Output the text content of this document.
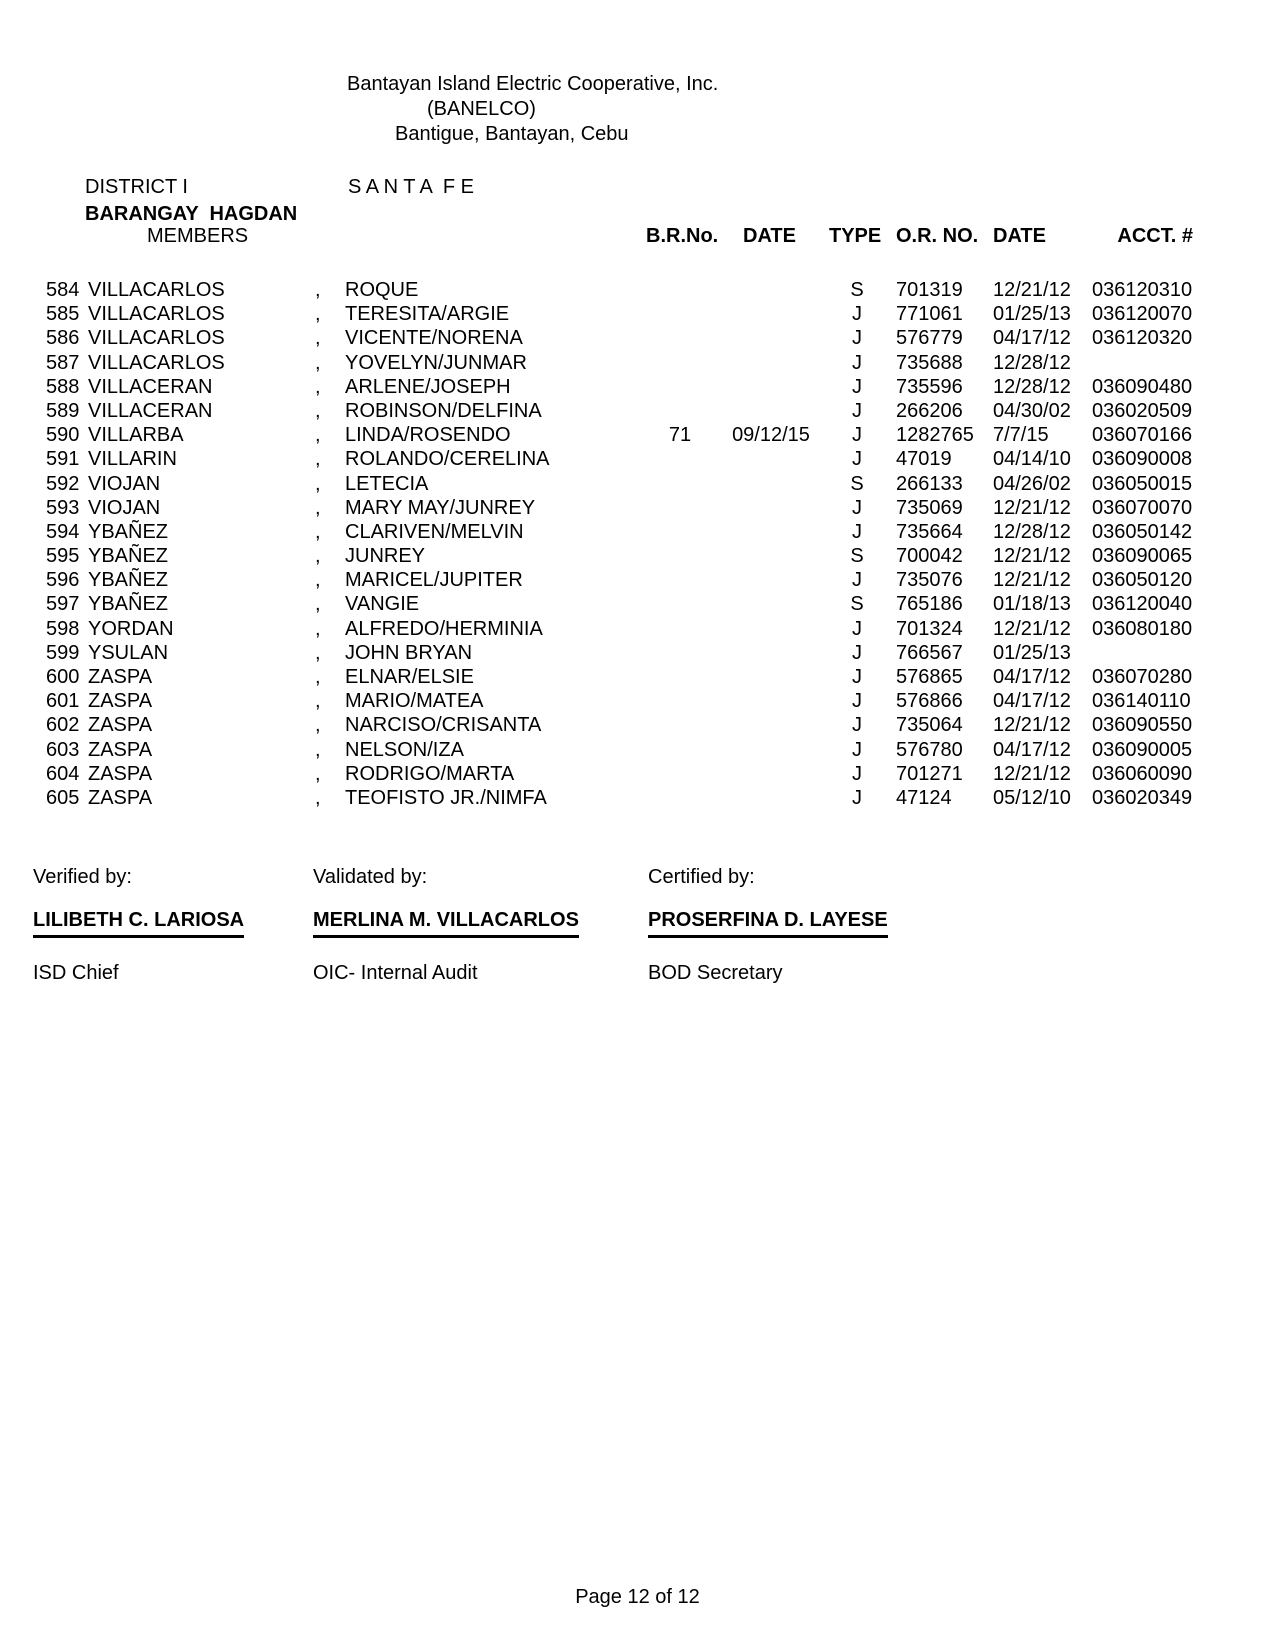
Bantayan Island Electric Cooperative, Inc.
(BANELCO)
Bantigue, Bantayan, Cebu
DISTRICT I	S A N T A  F E
BARANGAY  HAGDAN
MEMBERS	B.R.No. DATE TYPE O.R. NO. DATE	ACCT. #
584 VILLACARLOS	, ROQUE	S	701319 12/21/12 036120310
585 VILLACARLOS	, TERESITA/ARGIE	J	771061 01/25/13 036120070
586 VILLACARLOS	, VICENTE/NORENA	J	576779 04/17/12 036120320
587 VILLACARLOS	, YOVELYN/JUNMAR	J	735688 12/28/12
588 VILLACERAN	, ARLENE/JOSEPH	J	735596 12/28/12 036090480
589 VILLACERAN	, ROBINSON/DELFINA	J	266206 04/30/02 036020509
590 VILLARBA	, LINDA/ROSENDO	71	09/12/15	J	1282765 7/7/15 036070166
591 VILLARIN	, ROLANDO/CERELINA	J	47019 04/14/10 036090008
592 VIOJAN	, LETECIA	S	266133 04/26/02 036050015
593 VIOJAN	, MARY MAY/JUNREY	J	735069 12/21/12 036070070
594 YBAÑEZ	, CLARIVEN/MELVIN	J	735664 12/28/12 036050142
595 YBAÑEZ	, JUNREY	S	700042 12/21/12 036090065
596 YBAÑEZ	, MARICEL/JUPITER	J	735076 12/21/12 036050120
597 YBAÑEZ	, VANGIE	S	765186 01/18/13 036120040
598 YORDAN	, ALFREDO/HERMINIA	J	701324 12/21/12 036080180
599 YSULAN	, JOHN BRYAN	J	766567 01/25/13
600 ZASPA	, ELNAR/ELSIE	J	576865 04/17/12 036070280
601 ZASPA	, MARIO/MATEA	J	576866 04/17/12 036140110
602 ZASPA	, NARCISO/CRISANTA	J	735064 12/21/12 036090550
603 ZASPA	, NELSON/IZA	J	576780 04/17/12 036090005
604 ZASPA	, RODRIGO/MARTA	J	701271 12/21/12 036060090
605 ZASPA	, TEOFISTO JR./NIMFA	J	47124 05/12/10 036020349
Verified by:	Validated by:	Certified by:
LILIBETH C. LARIOSA	MERLINA M. VILLACARLOS	PROSERFINA D. LAYESE
ISD Chief	OIC- Internal Audit	BOD Secretary
Page 12 of 12
